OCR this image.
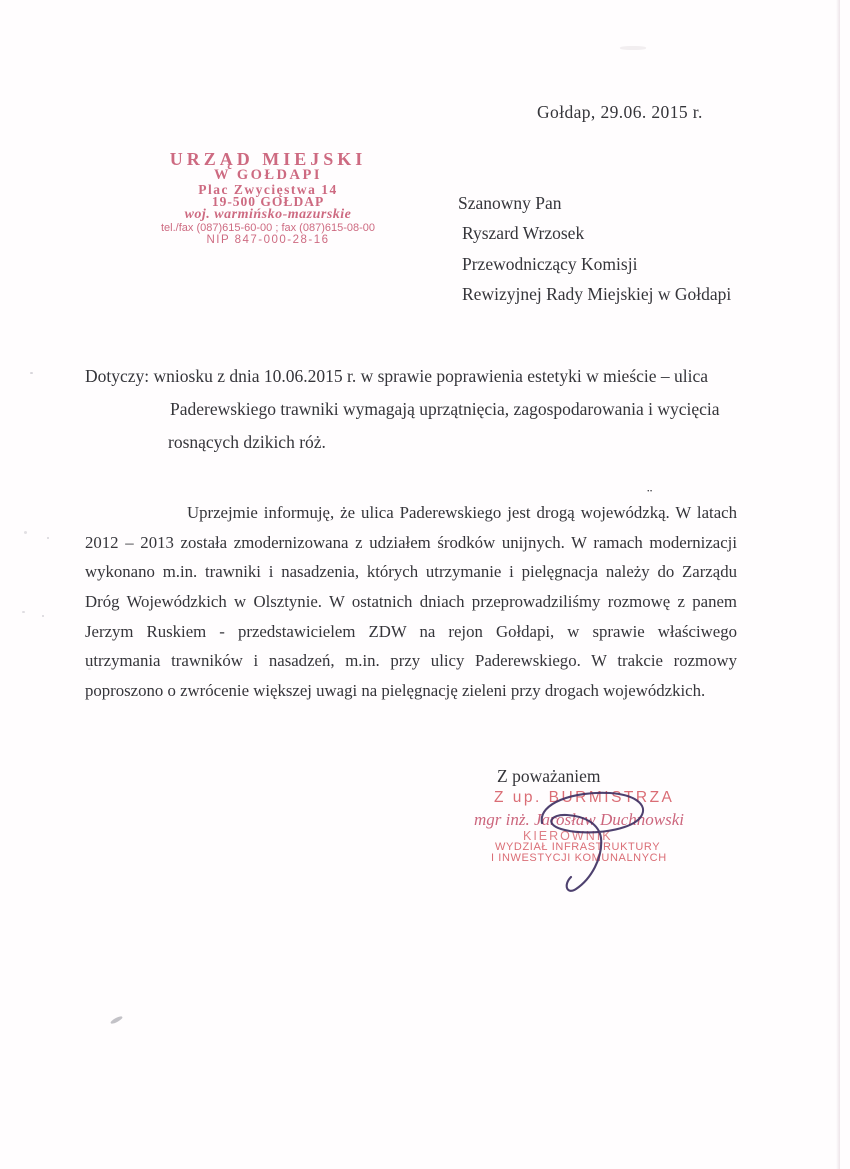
Gołdap, 29.06. 2015 r.
URZĄD MIEJSKI
W GOŁDAPI
Plac Zwycięstwa 14
19-500 GOŁDAP
woj. warmińsko-mazurskie
tel./fax (087)615-60-00 ; fax (087)615-08-00
NIP 847-000-28-16
Szanowny Pan
Ryszard Wrzosek
Przewodniczący Komisji
Rewizyjnej Rady Miejskiej w Gołdapi
Dotyczy: wniosku z dnia 10.06.2015 r. w sprawie poprawienia estetyki w mieście – ulica
Paderewskiego trawniki wymagają uprzątnięcia, zagospodarowania i wycięcia
rosnących dzikich róż.
¨
Uprzejmie informuję, że ulica Paderewskiego jest drogą wojewódzką. W latach
2012 – 2013 została zmodernizowana z udziałem środków unijnych. W ramach modernizacji
wykonano m.in. trawniki i nasadzenia, których utrzymanie i pielęgnacja należy do Zarządu
Dróg Wojewódzkich w Olsztynie. W ostatnich dniach przeprowadziliśmy rozmowę z panem
Jerzym Ruskiem - przedstawicielem ZDW na rejon Gołdapi, w sprawie właściwego
utrzymania trawników i nasadzeń, m.in. przy ulicy Paderewskiego. W trakcie rozmowy
poproszono o zwrócenie większej uwagi na pielęgnację zieleni przy drogach wojewódzkich.
Z poważaniem
Z up. BURMISTRZA
mgr inż. Jarosław Duchnowski
KIEROWNIK
WYDZIAŁ INFRASTRUKTURY
I INWESTYCJI KOMUNALNYCH
